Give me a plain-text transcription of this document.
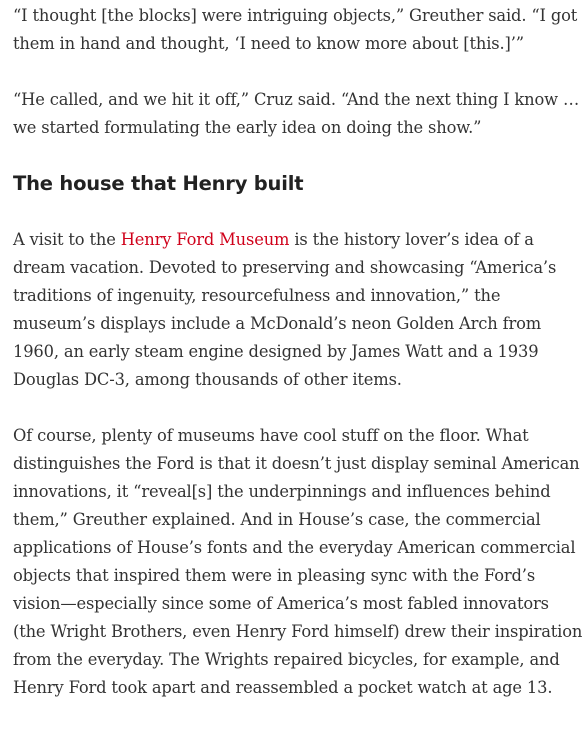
“I thought [the blocks] were intriguing objects,” Greuther said. “I got them in hand and thought, ‘I need to know more about [this.]’”

“He called, and we hit it off,” Cruz said. “And the next thing I know … we started formulating the early idea on doing the show.”

The house that Henry built

A visit to the Henry Ford Museum is the history lover’s idea of a dream vacation. Devoted to preserving and showcasing “America’s traditions of ingenuity, resourcefulness and innovation,” the museum’s displays include a McDonald’s neon Golden Arch from 1960, an early steam engine designed by James Watt and a 1939 Douglas DC-3, among thousands of other items.

Of course, plenty of museums have cool stuff on the floor. What distinguishes the Ford is that it doesn’t just display seminal American innovations, it “reveal[s] the underpinnings and influences behind them,” Greuther explained. And in House’s case, the commercial applications of House’s fonts and the everyday American commercial objects that inspired them were in pleasing sync with the Ford’s vision—especially since some of America’s most fabled innovators (the Wright Brothers, even Henry Ford himself) drew their inspiration from the everyday. The Wrights repaired bicycles, for example, and Henry Ford took apart and reassembled a pocket watch at age 13.
